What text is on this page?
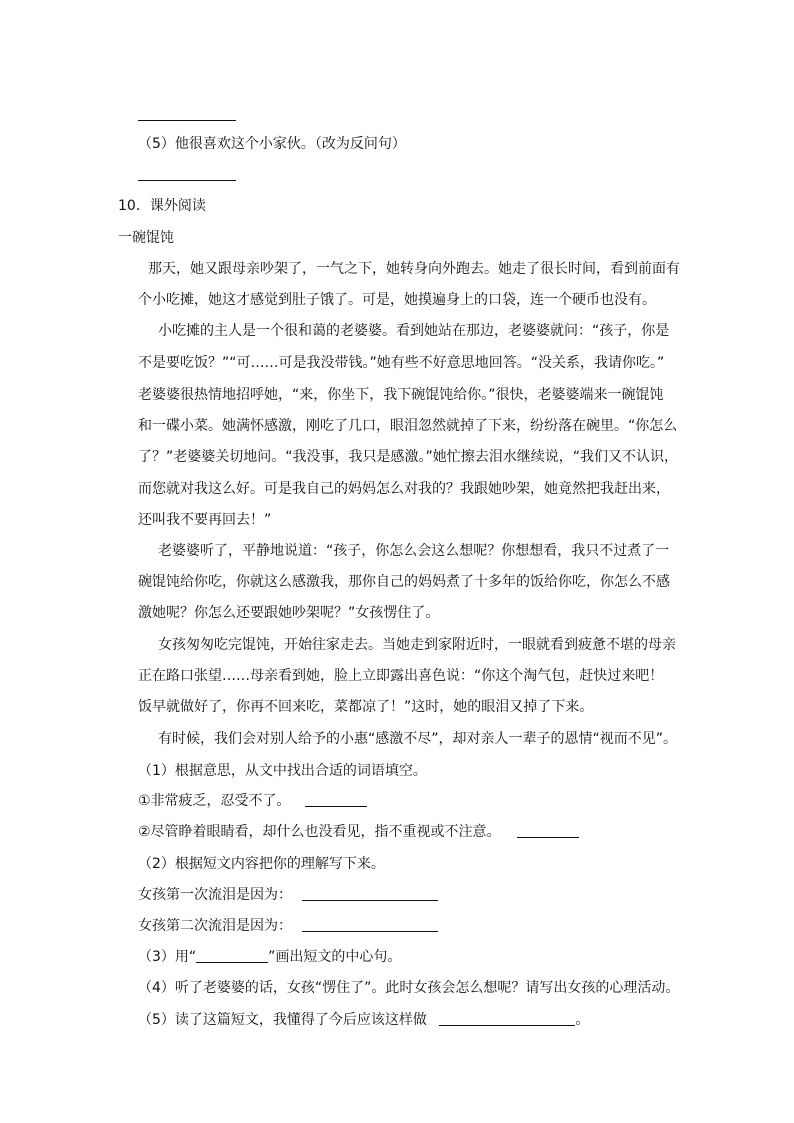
（5）他很喜欢这个小家伙。（改为反问句）
10．课外阅读
一碗馄饨
那天，她又跟母亲吵架了，一气之下，她转身向外跑去。她走了很长时间，看到前面有
个小吃摊，她这才感觉到肚子饿了。可是，她摸遍身上的口袋，连一个硬币也没有。
小吃摊的主人是一个很和蔼的老婆婆。看到她站在那边，老婆婆就问：“孩子，你是
不是要吃饭？”“可……可是我没带钱。”她有些不好意思地回答。“没关系，我请你吃。”
老婆婆很热情地招呼她，“来，你坐下，我下碗馄饨给你。”很快，老婆婆端来一碗馄饨
和一碟小菜。她满怀感激，刚吃了几口，眼泪忽然就掉了下来，纷纷落在碗里。“你怎么
了？”老婆婆关切地问。“我没事，我只是感激。”她忙擦去泪水继续说，“我们又不认识，
而您就对我这么好。可是我自己的妈妈怎么对我的？我跟她吵架，她竟然把我赶出来，
还叫我不要再回去！”
老婆婆听了，平静地说道：“孩子，你怎么会这么想呢？你想想看，我只不过煮了一
碗馄饨给你吃，你就这么感激我，那你自己的妈妈煮了十多年的饭给你吃，你怎么不感
激她呢？你怎么还要跟她吵架呢？”女孩愣住了。
女孩匆匆吃完馄饨，开始往家走去。当她走到家附近时，一眼就看到疲惫不堪的母亲
正在路口张望……母亲看到她，脸上立即露出喜色说：“你这个淘气包，赶快过来吧！
饭早就做好了，你再不回来吃，菜都凉了！”这时，她的眼泪又掉了下来。
有时候，我们会对别人给予的小惠“感激不尽”，却对亲人一辈子的恩情“视而不见”。
（1）根据意思，从文中找出合适的词语填空。
①非常疲乏，忍受不了。
②尽管睁着眼睛看，却什么也没看见，指不重视或不注意。
（2）根据短文内容把你的理解写下来。
女孩第一次流泪是因为：
女孩第二次流泪是因为：
（3）用“	”画出短文的中心句。
（4）听了老婆婆的话，女孩“愣住了”。此时女孩会怎么想呢？请写出女孩的心理活动。
（5）读了这篇短文，我懂得了今后应该这样做	。
